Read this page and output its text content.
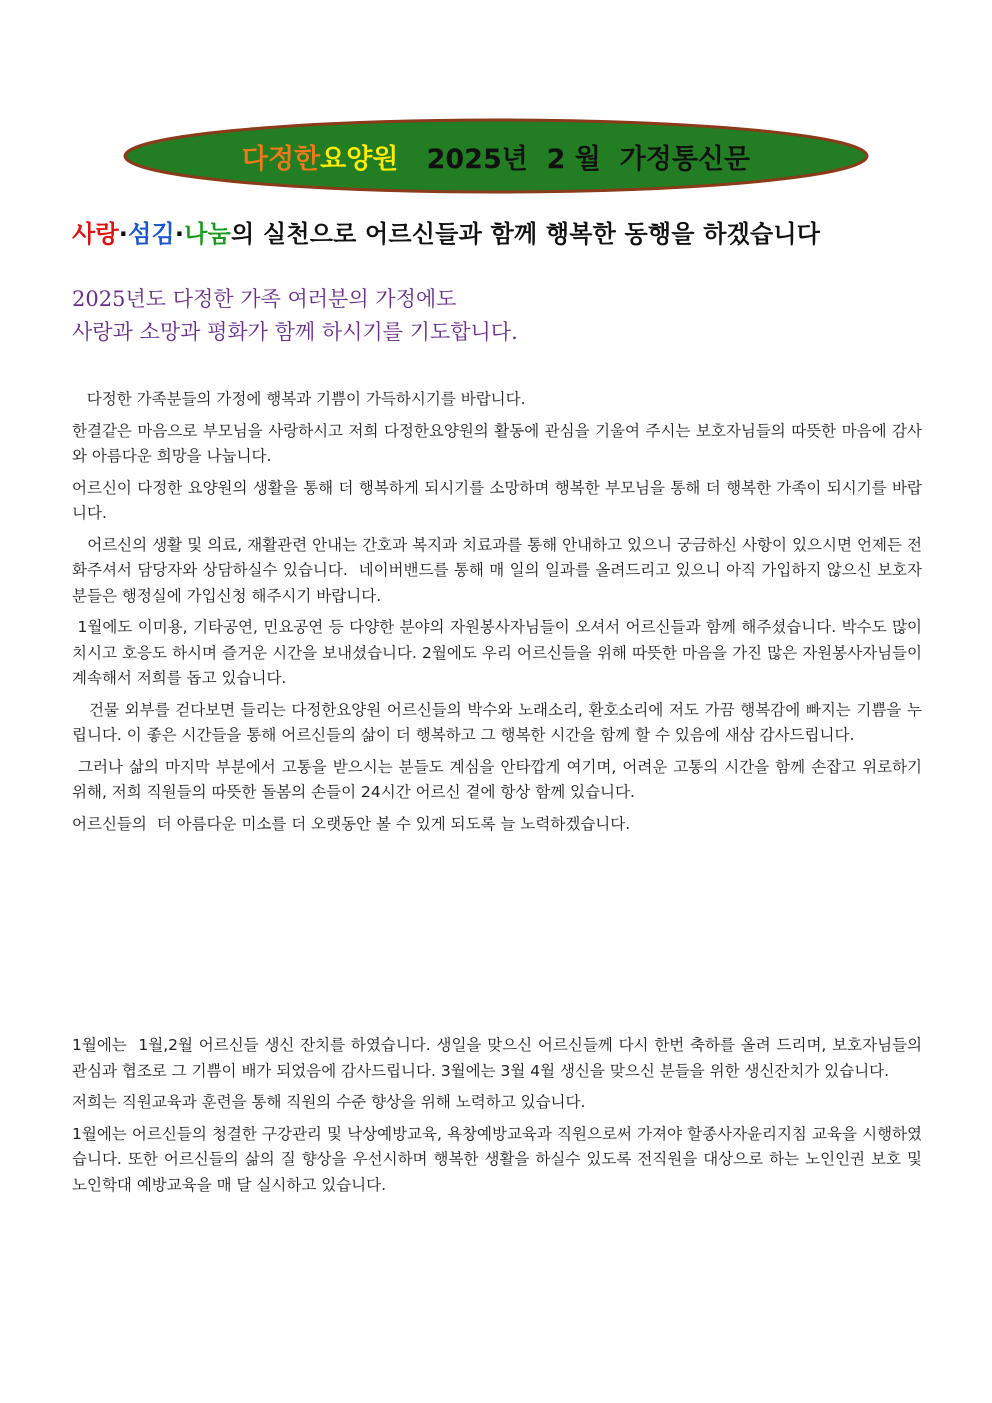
다정한 요양원 2025년  2 월  가정통신문
사랑·섬김·나눔의 실천으로 어르신들과 함께 행복한 동행을 하겠습니다
2025년도 다정한 가족 여러분의 가정에도
사랑과 소망과 평화가 함께 하시기를 기도합니다.

다정한 가족분들의 가정에 행복과 기쁨이 가득하시기를 바랍니다.

한결같은 마음으로 부모님을 사랑하시고 저희 다정한요양원의 활동에 관심을 기울여 주시는 보호자님들의 따뜻한 마음에 감사와 아름다운 희망을 나눕니다.

어르신이 다정한 요양원의 생활을 통해 더 행복하게 되시기를 소망하며 행복한 부모님을 통해 더 행복한 가족이 되시기를 바랍니다.

어르신의 생활 및 의료, 재활관련 안내는 간호과 복지과 치료과를 통해 안내하고 있으니 궁금하신 사항이 있으시면 언제든 전화주셔서 담당자와 상담하실수 있습니다.  네이버밴드를 통해 매 일의 일과를 올려드리고 있으니 아직 가입하지 않으신 보호자분들은 행정실에 가입신청 해주시기 바랍니다.

1월에도 이미용, 기타공연, 민요공연 등 다양한 분야의 자원봉사자님들이 오셔서 어르신들과 함께 해주셨습니다. 박수도 많이 치시고 호응도 하시며 즐거운 시간을 보내셨습니다. 2월에도 우리 어르신들을 위해 따뜻한 마음을 가진 많은 자원봉사자님들이 계속해서 저희를 돕고 있습니다.

건물 외부를 걷다보면 들리는 다정한요양원 어르신들의 박수와 노래소리, 환호소리에 저도 가끔 행복감에 빠지는 기쁨을 누립니다. 이 좋은 시간들을 통해 어르신들의 삶이 더 행복하고 그 행복한 시간을 함께 할 수 있음에 새삼 감사드립니다.

그러나 삶의 마지막 부분에서 고통을 받으시는 분들도 계심을 안타깝게 여기며, 어려운 고통의 시간을 함께 손잡고 위로하기 위해, 저희 직원들의 따뜻한 돌봄의 손들이 24시간 어르신 곁에 항상 함께 있습니다.

어르신들의  더 아름다운 미소를 더 오랫동안 볼 수 있게 되도록 늘 노력하겠습니다.

1월에는  1월,2월 어르신들 생신 잔치를 하였습니다. 생일을 맞으신 어르신들께 다시 한번 축하를 올려 드리며, 보호자님들의 관심과 협조로 그 기쁨이 배가 되었음에 감사드립니다. 3월에는 3월 4월 생신을 맞으신 분들을 위한 생신잔치가 있습니다.

저희는 직원교육과 훈련을 통해 직원의 수준 향상을 위해 노력하고 있습니다.

1월에는 어르신들의 청결한 구강관리 및 낙상예방교육, 욕창예방교육과 직원으로써 가져야 할종사자윤리지침 교육을 시행하였습니다. 또한 어르신들의 삶의 질 향상을 우선시하며 행복한 생활을 하실수 있도록 전직원을 대상으로 하는 노인인권 보호 및 노인학대 예방교육을 매 달 실시하고 있습니다.
